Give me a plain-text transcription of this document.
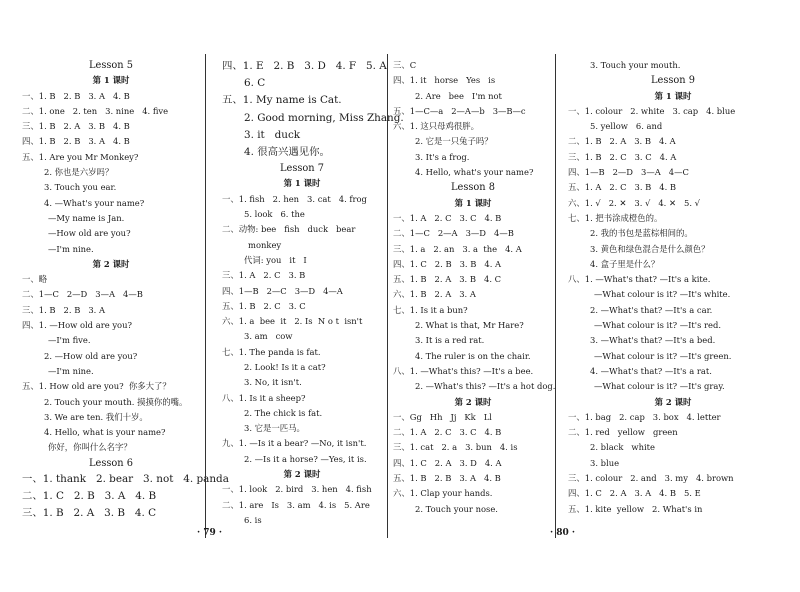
Lesson 5
第 1 课时
一、1. B   2. B   3. A   4. B
二、1. one   2. ten   3. nine   4. five
三、1. B   2. A   3. B   4. B
四、1. B   2. B   3. A   4. B
五、1. Are you Mr Monkey?
2. 你也是六岁吗？
3. Touch you ear.
4. —What's your name?
—My name is Jan.
—How old are you?
—I'm nine.
第 2 课时
一、略
二、1—C   2—D   3—A   4—B
三、1. B   2. B   3. A
四、1. —How old are you?
—I'm five.
2. —How old are you?
—I'm nine.
五、1. How old are you?  你多大了？
2. Touch your mouth. 摸摸你的嘴。
3. We are ten. 我们十岁。
4. Hello, what is your name?
你好，你叫什么名字？
Lesson 6
一、1. thank   2. bear   3. not   4. panda
二、1. C   2. B   3. A   4. B
三、1. B   2. A   3. B   4. C
四、1. E   2. B   3. D   4. F   5. A
6. C
五、1. My name is Cat.
2. Good morning, Miss Zhang.
3. it   duck
4. 很高兴遇见你。
Lesson 7
第 1 课时
一、1. fish   2. hen   3. cat   4. frog
5. look   6. the
二、动物: bee   fish   duck   bear
monkey
代词: you   it   I
三、1. A   2. C   3. B
四、1—B   2—C   3—D   4—A
五、1. B   2. C   3. C
六、1. a  bee  it   2. Is  N o t  isn't
3. am   cow
七、1. The panda is fat.
2. Look! Is it a cat?
3. No, it isn't.
八、1. Is it a sheep?
2. The chick is fat.
3. 它是一匹马。
九、1. —Is it a bear? —No, it isn't.
2. —Is it a horse? —Yes, it is.
第 2 课时
一、1. look   2. bird   3. hen   4. fish
二、1. are   Is   3. am   4. is   5. Are
6. is
三、C
四、1. it   horse   Yes   is
2. Are   bee   I'm not
五、1—C—a   2—A—b   3—B—c
六、1. 这只母鸡很胖。
2. 它是一只兔子吗？
3. It's a frog.
4. Hello, what's your name?
Lesson 8
第 1 课时
一、1. A   2. C   3. C   4. B
二、1—C   2—A   3—D   4—B
三、1. a   2. an   3. a  the   4. A
四、1. C   2. B   3. B   4. A
五、1. B   2. A   3. B   4. C
六、1. B   2. A   3. A
七、1. Is it a bun?
2. What is that, Mr Hare?
3. It is a red rat.
4. The ruler is on the chair.
八、1. —What's this? —It's a bee.
2. —What's this? —It's a hot dog.
第 2 课时
一、Gg   Hh   Jj   Kk   Ll
二、1. A   2. C   3. C   4. B
三、1. cat   2. a   3. bun   4. is
四、1. C   2. A   3. D   4. A
五、1. B   2. B   3. A   4. B
六、1. Clap your hands.
2. Touch your nose.
3. Touch your mouth.
Lesson 9
第 1 课时
一、1. colour   2. white   3. cap   4. blue
5. yellow   6. and
二、1. B   2. A   3. B   4. A
三、1. B   2. C   3. C   4. A
四、1—B   2—D   3—A   4—C
五、1. A   2. C   3. B   4. B
六、1. √   2. ✕   3. √   4. ✕   5. √
七、1. 把书涂成橙色的。
2. 我的书包是蓝棕相间的。
3. 黄色和绿色混合是什么颜色？
4. 盒子里是什么？
八、1. —What's that? —It's a kite.
—What colour is it? —It's white.
2. —What's that? —It's a car.
—What colour is it? —It's red.
3. —What's that? —It's a bed.
—What colour is it? —It's green.
4. —What's that? —It's a rat.
—What colour is it? —It's gray.
第 2 课时
一、1. bag   2. cap   3. box   4. letter
二、1. red   yellow   green
2. black   white
3. blue
三、1. colour   2. and   3. my   4. brown
四、1. C   2. A   3. A   4. B   5. E
五、1. kite  yellow   2. What's in
· 79 ·	· 80 ·
